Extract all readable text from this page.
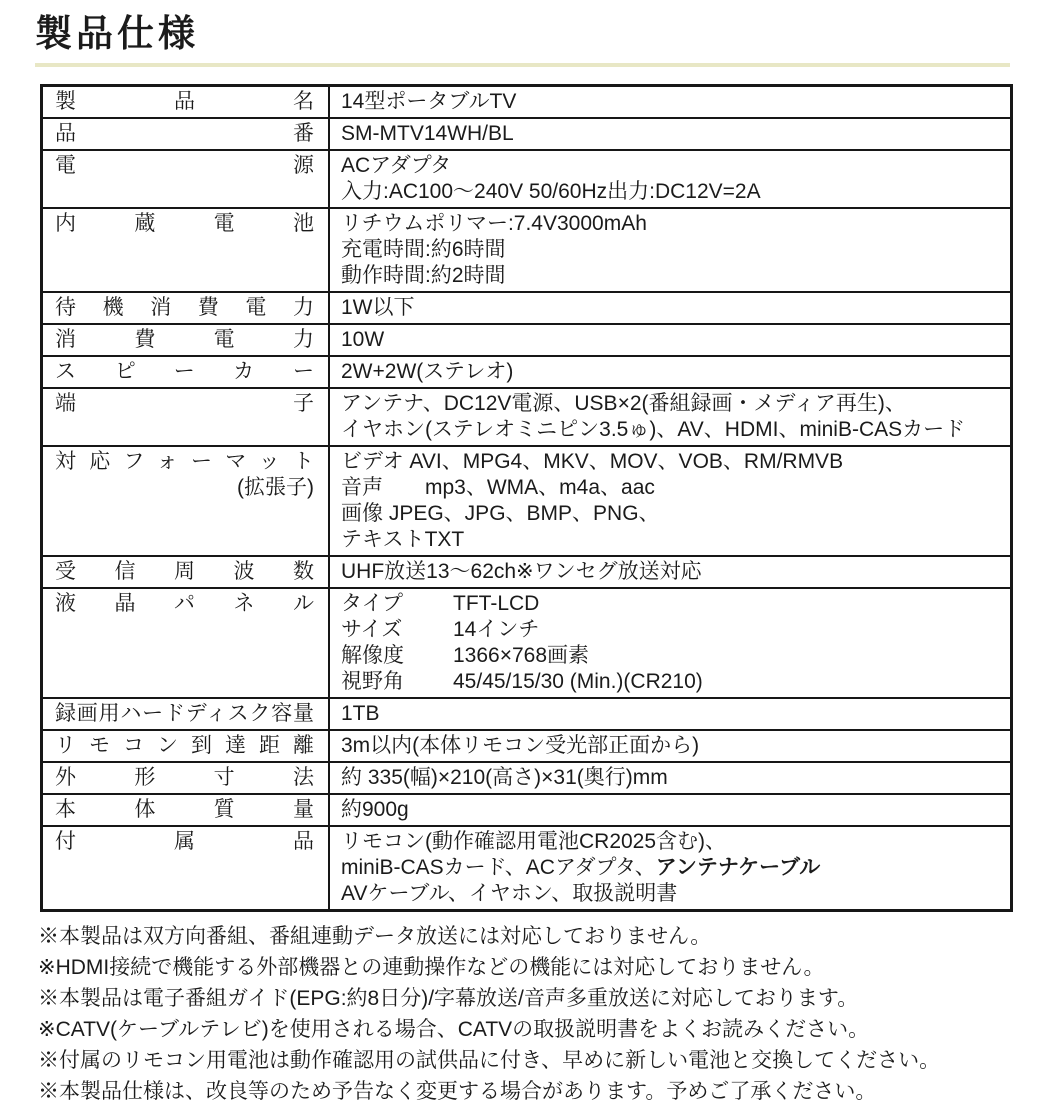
製品仕様
製品名 14型ポータブルTV
品番 SM-MTV14WH/BL
電源 ACアダプタ
入力:AC100〜240V 50/60Hz出力:DC12V=2A
内蔵電池 リチウムポリマー:7.4V3000mAh
充電時間:約6時間
動作時間:約2時間
待機消費電力 1W以下
消費電力 10W
スピーカー 2W+2W(ステレオ)
端子 アンテナ、DC12V電源、USB×2(番組録画・メディア再生)、
イヤホン(ステレオミニピン3.5ゅ)、AV、HDMI、miniB-CASカード
対応フォーマット
(拡張子)
ビデオ AVI、MPG4、MKV、MOV、VOB、RM/RMVB
音声　　mp3、WMA、m4a、aac
画像 JPEG、JPG、BMP、PNG、
テキストTXT
受信周波数 UHF放送13〜62ch※ワンセグ放送対応
液晶パネル タイプ TFT-LCD
サイズ 14インチ
解像度 1366×768画素
視野角 45/45/15/30 (Min.)(CR210)
録画用ハードディスク容量 1TB
リモコン到達距離 3m以内(本体リモコン受光部正面から)
外形寸法 約 335(幅)×210(高さ)×31(奥行)mm
本体質量 約900g
付属品 リモコン(動作確認用電池CR2025含む)、
miniB-CASカード、ACアダプタ、アンテナケーブル
AVケーブル、イヤホン、取扱説明書
※本製品は双方向番組、番組連動データ放送には対応しておりません。
※HDMI接続で機能する外部機器との連動操作などの機能には対応しておりません。
※本製品は電子番組ガイド(EPG:約8日分)/字幕放送/音声多重放送に対応しております。
※CATV(ケーブルテレビ)を使用される場合、CATVの取扱説明書をよくお読みください。
※付属のリモコン用電池は動作確認用の試供品に付き、早めに新しい電池と交換してください。
※本製品仕様は、改良等のため予告なく変更する場合があります。予めご了承ください。
